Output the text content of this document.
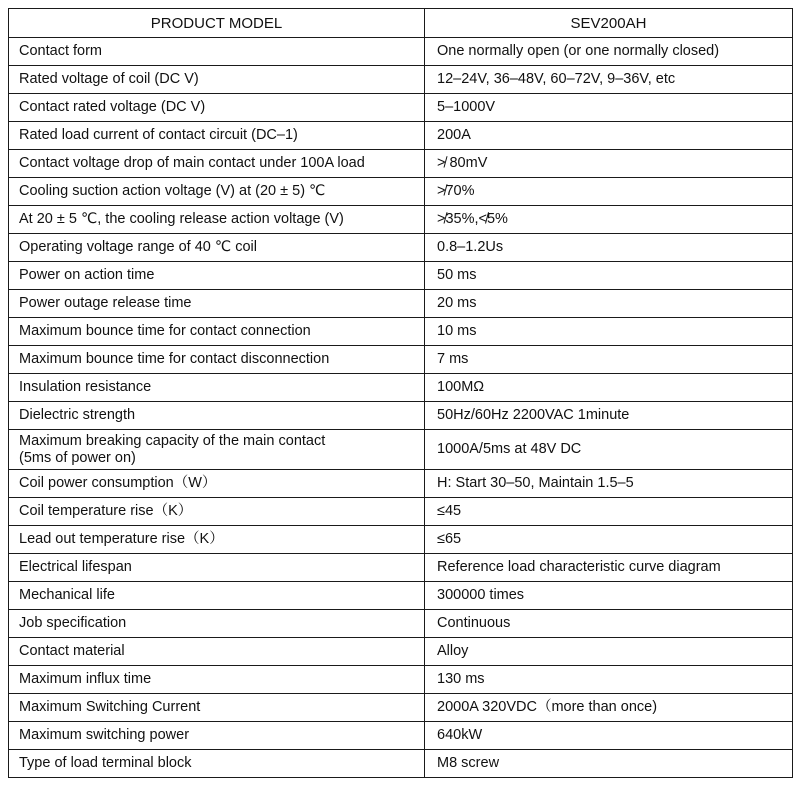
PRODUCT MODEL	SEV200AH
Contact form	One normally open (or one normally closed)
Rated voltage of coil (DC V)	12–24V, 36–48V, 60–72V, 9–36V, etc
Contact rated voltage (DC V)	5–1000V
Rated load current of contact circuit (DC–1)	200A
Contact voltage drop of main contact under 100A load	≯ 80mV
Cooling suction action voltage (V) at (20 ± 5) ℃	≯70%
At 20 ± 5 ℃, the cooling release action voltage (V)	≯35%,≮5%
Operating voltage range of 40 ℃ coil	0.8–1.2Us
Power on action time	50 ms
Power outage release time	20 ms
Maximum bounce time for contact connection	10 ms
Maximum bounce time for contact disconnection	7 ms
Insulation resistance	100MΩ
Dielectric strength	50Hz/60Hz 2200VAC 1minute
Maximum breaking capacity of the main contact
(5ms of power on)	1000A/5ms at 48V DC
Coil power consumption（W）	H: Start 30–50, Maintain 1.5–5
Coil temperature rise（K）	≤45
Lead out temperature rise（K）	≤65
Electrical lifespan	Reference load characteristic curve diagram
Mechanical life	300000 times
Job specification	Continuous
Contact material	Alloy
Maximum influx time	130 ms
Maximum Switching Current	2000A 320VDC（more than once)
Maximum switching power	640kW
Type of load terminal block	M8 screw
